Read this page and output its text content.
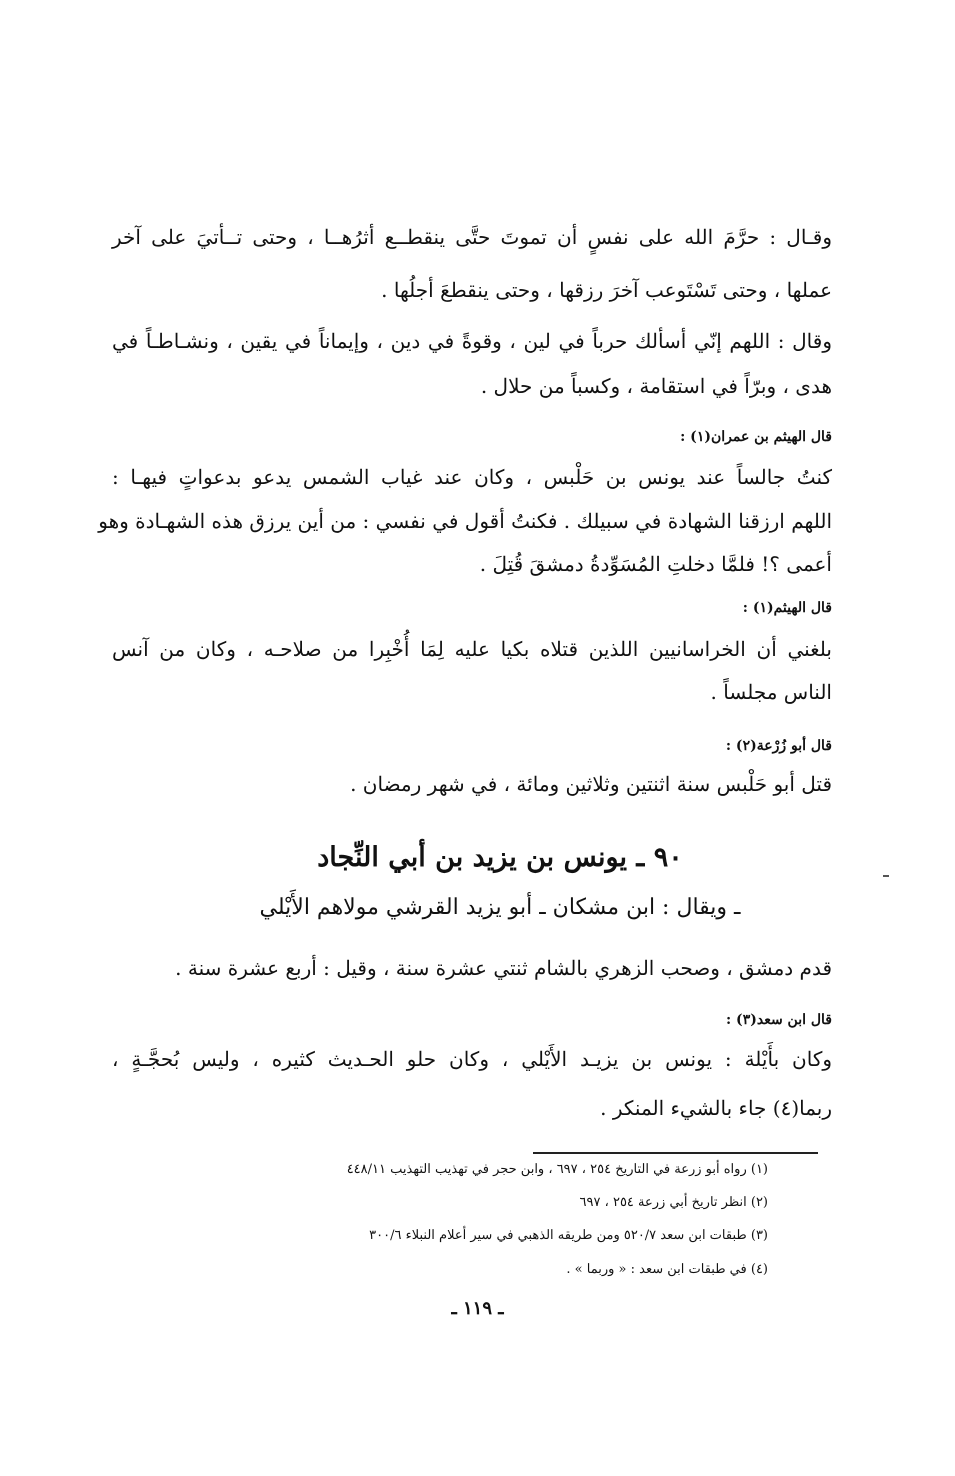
وقـال : حرَّمَ الله على نفسٍ أن تموتَ حتَّى ينقطــع أثرُهــا ، وحتى تــأتيَ على آخر
عملها ، وحتى تَسْتَوعب آخرَ رزقها ، وحتى ينقطعَ أجلُها .
وقال : اللهم إنّي أسألك حرباً في لين ، وقوةً في دين ، وإيماناً في يقين ، ونشـاطـاً في
هدى ، وبرّاً في استقامة ، وكسباً من حلال .
قال الهيثم بن عمران(١) :
كنتُ جالساً عند يونس بن حَلْبس ، وكان عند غياب الشمس يدعو بدعواتٍ فيهـا :
اللهم ارزقنا الشهادة في سبيلك . فكنتُ أقول في نفسي : من أين يرزق هذه الشهـادة وهو
أعمى ؟! فلمَّا دخلتِ المُسَوِّدةُ دمشقَ قُتِلَ .
قال الهيثم(١) :
بلغني أن الخراسانيين اللذين قتلاه بكيا عليه لِمَا أُخْبِرا من صلاحـه ، وكان من آنس
الناس مجلساً .
قال أبو زُرْعة(٢) :
قتل أبو حَلْبس سنة اثنتين وثلاثين ومائة ، في شهر رمضان .
٩٠ ـ يونس بن يزيد بن أبي النِّجاد
ـ ويقال : ابن مشكان ـ أبو يزيد القرشي مولاهم الأَيْلي
قدم دمشق ، وصحب الزهري بالشام ثنتي عشرة سنة ، وقيل : أربع عشرة سنة .
قال ابن سعد(٣) :
وكان بأَيْلة : يونس بن يزيـد الأَيْلي ، وكان حلو الحـديث كثيره ، وليس بُحجَّـةٍ ،
ربما(٤) جاء بالشيء المنكر .
(١) رواه أبو زرعة في التاريخ ٢٥٤ ، ٦٩٧ ، وابن حجر في تهذيب التهذيب ٤٤٨/١١
(٢) انظر تاريخ أبي زرعة ٢٥٤ ، ٦٩٧
(٣) طبقات ابن سعد ٥٢٠/٧ ومن طريقه الذهبي في سير أعلام النبلاء ٣٠٠/٦
(٤) في طبقات ابن سعد : « وربما » .
ـ ١١٩ ـ
